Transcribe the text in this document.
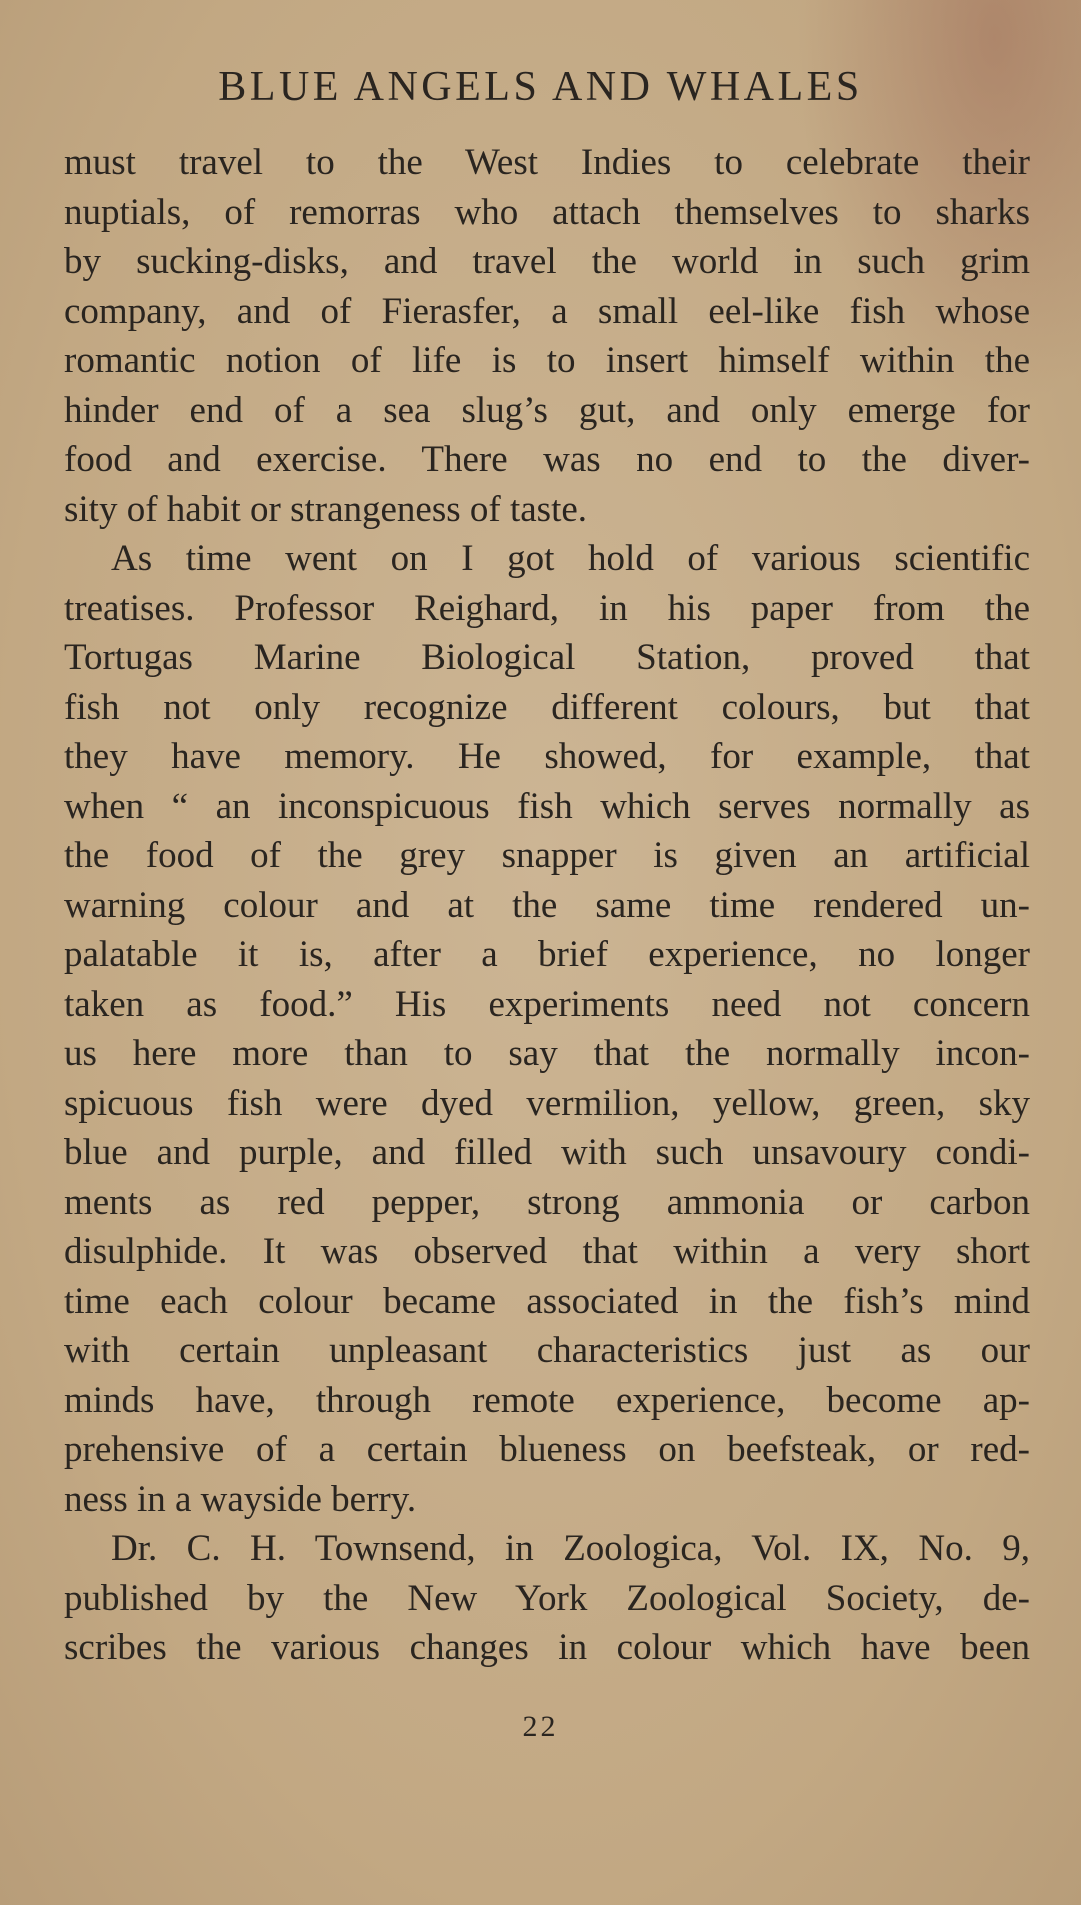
BLUE ANGELS AND WHALES
must travel to the West Indies to celebrate their
nuptials, of remorras who attach themselves to sharks
by sucking-disks, and travel the world in such grim
company, and of Fierasfer, a small eel-like fish whose
romantic notion of life is to insert himself within the
hinder end of a sea slug’s gut, and only emerge for
food and exercise. There was no end to the diver-
sity of habit or strangeness of taste.
As time went on I got hold of various scientific
treatises. Professor Reighard, in his paper from the
Tortugas Marine Biological Station, proved that
fish not only recognize different colours, but that
they have memory. He showed, for example, that
when “ an inconspicuous fish which serves normally as
the food of the grey snapper is given an artificial
warning colour and at the same time rendered un-
palatable it is, after a brief experience, no longer
taken as food.” His experiments need not concern
us here more than to say that the normally incon-
spicuous fish were dyed vermilion, yellow, green, sky
blue and purple, and filled with such unsavoury condi-
ments as red pepper, strong ammonia or carbon
disulphide. It was observed that within a very short
time each colour became associated in the fish’s mind
with certain unpleasant characteristics just as our
minds have, through remote experience, become ap-
prehensive of a certain blueness on beefsteak, or red-
ness in a wayside berry.
Dr. C. H. Townsend, in Zoologica, Vol. IX, No. 9,
published by the New York Zoological Society, de-
scribes the various changes in colour which have been
22
